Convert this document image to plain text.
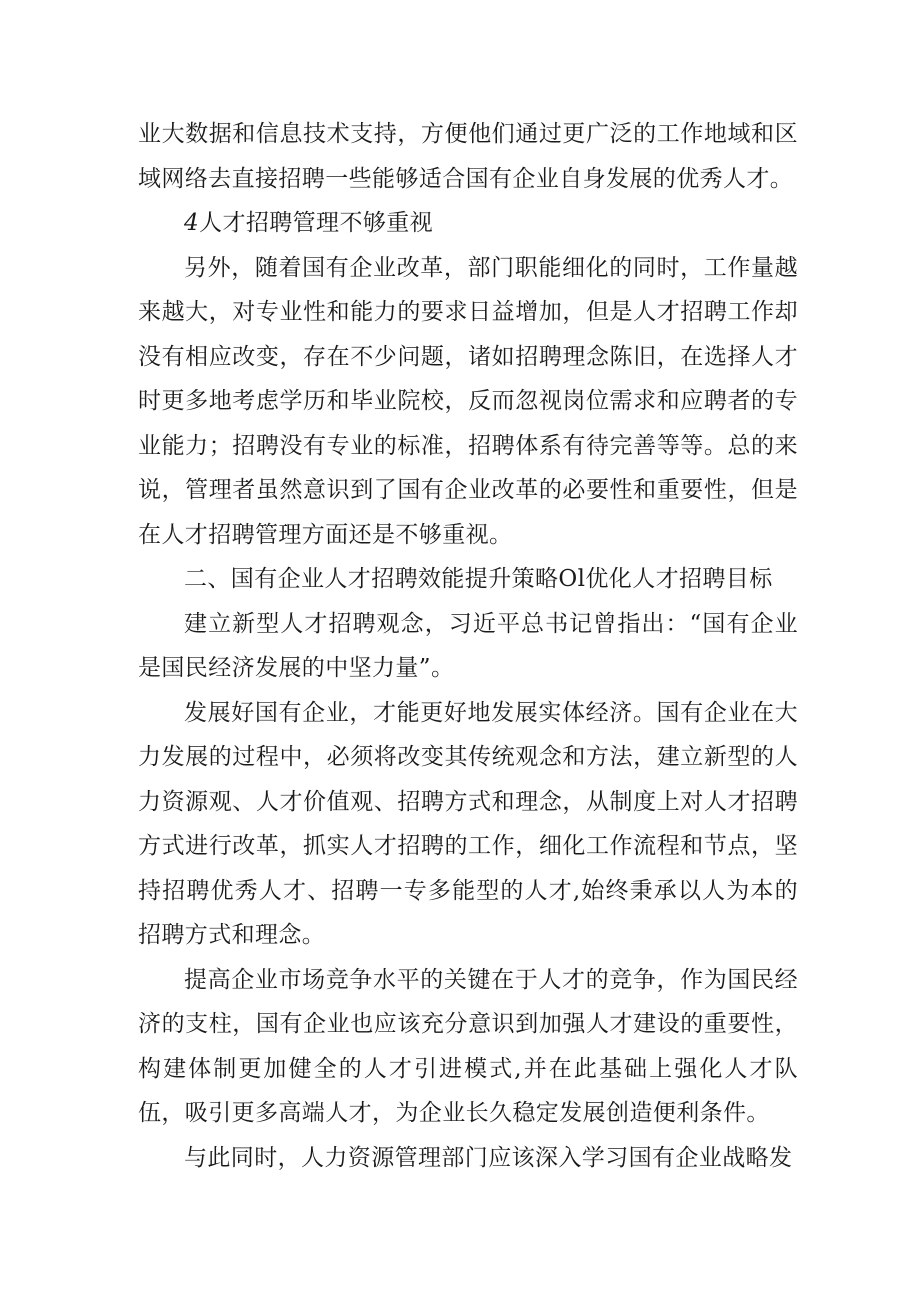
业大数据和信息技术支持，方便他们通过更广泛的工作地域和区域网络去直接招聘一些能够适合国有企业自身发展的优秀人才。

4人才招聘管理不够重视

另外，随着国有企业改革，部门职能细化的同时，工作量越来越大，对专业性和能力的要求日益增加，但是人才招聘工作却没有相应改变，存在不少问题，诸如招聘理念陈旧，在选择人才时更多地考虑学历和毕业院校，反而忽视岗位需求和应聘者的专业能力；招聘没有专业的标准，招聘体系有待完善等等。总的来说，管理者虽然意识到了国有企业改革的必要性和重要性，但是在人才招聘管理方面还是不够重视。

二、国有企业人才招聘效能提升策略Ol优化人才招聘目标

建立新型人才招聘观念，习近平总书记曾指出：“国有企业是国民经济发展的中坚力量”。

发展好国有企业，才能更好地发展实体经济。国有企业在大力发展的过程中，必须将改变其传统观念和方法，建立新型的人力资源观、人才价值观、招聘方式和理念，从制度上对人才招聘方式进行改革，抓实人才招聘的工作，细化工作流程和节点，坚持招聘优秀人才、招聘一专多能型的人才,始终秉承以人为本的招聘方式和理念。

提高企业市场竞争水平的关键在于人才的竞争，作为国民经济的支柱，国有企业也应该充分意识到加强人才建设的重要性，构建体制更加健全的人才引进模式,并在此基础上强化人才队伍，吸引更多高端人才，为企业长久稳定发展创造便利条件。

与此同时，人力资源管理部门应该深入学习国有企业战略发
